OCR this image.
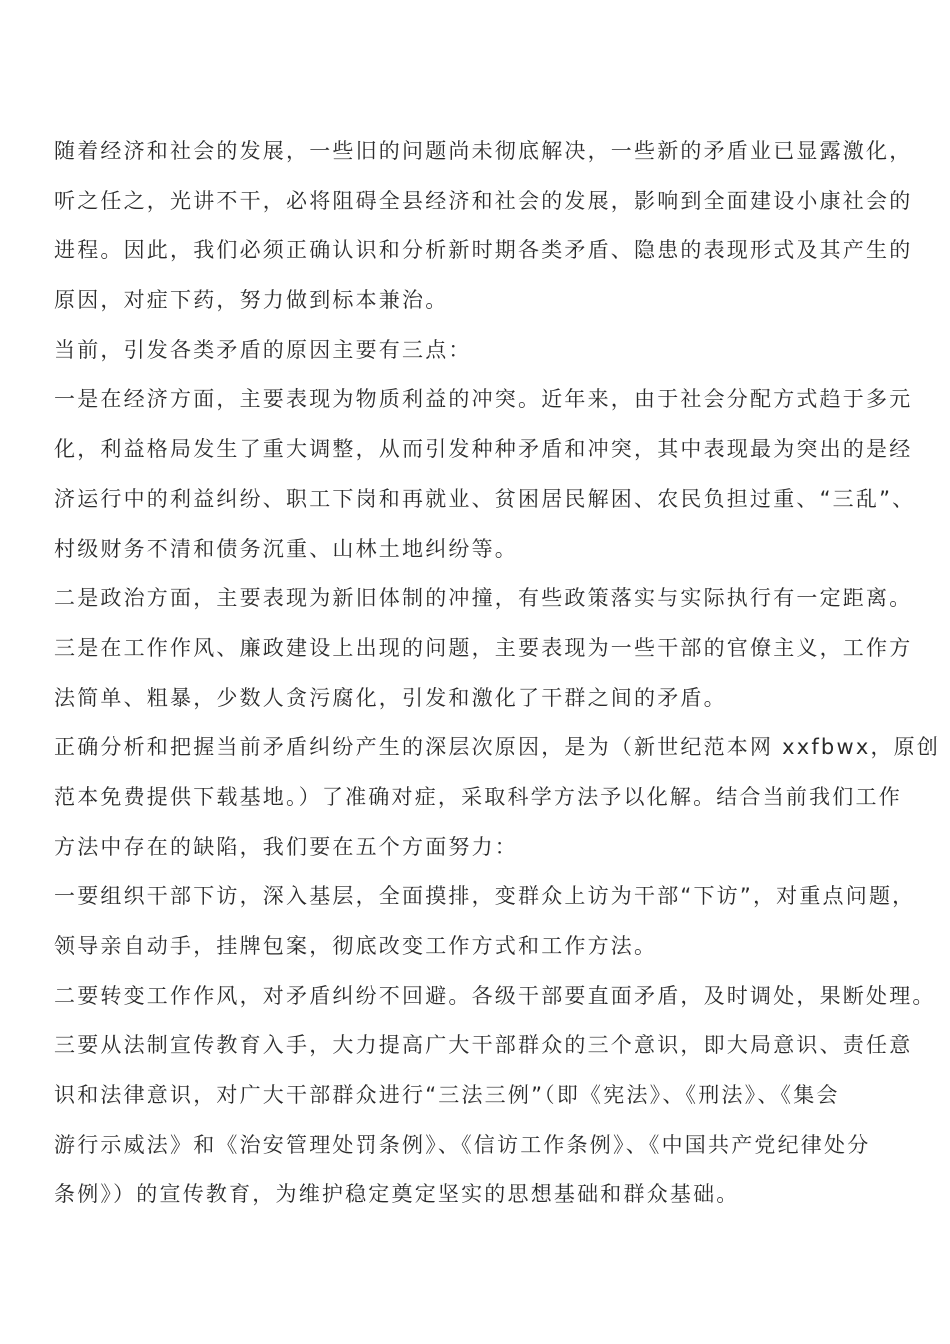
随着经济和社会的发展，一些旧的问题尚未彻底解决，一些新的矛盾业已显露激化，
听之任之，光讲不干，必将阻碍全县经济和社会的发展，影响到全面建设小康社会的
进程。因此，我们必须正确认识和分析新时期各类矛盾、隐患的表现形式及其产生的
原因，对症下药，努力做到标本兼治。
当前，引发各类矛盾的原因主要有三点：
一是在经济方面，主要表现为物质利益的冲突。近年来，由于社会分配方式趋于多元
化，利益格局发生了重大调整，从而引发种种矛盾和冲突，其中表现最为突出的是经
济运行中的利益纠纷、职工下岗和再就业、贫困居民解困、农民负担过重、“三乱”、
村级财务不清和债务沉重、山林土地纠纷等。
二是政治方面，主要表现为新旧体制的冲撞，有些政策落实与实际执行有一定距离。
三是在工作作风、廉政建设上出现的问题，主要表现为一些干部的官僚主义，工作方
法简单、粗暴，少数人贪污腐化，引发和激化了干群之间的矛盾。
正确分析和把握当前矛盾纠纷产生的深层次原因，是为（新世纪范本网 xxfbwx，原创
范本免费提供下载基地。）了准确对症，采取科学方法予以化解。结合当前我们工作
方法中存在的缺陷，我们要在五个方面努力：
一要组织干部下访，深入基层，全面摸排，变群众上访为干部“下访”，对重点问题，
领导亲自动手，挂牌包案，彻底改变工作方式和工作方法。
二要转变工作作风，对矛盾纠纷不回避。各级干部要直面矛盾，及时调处，果断处理。
三要从法制宣传教育入手，大力提高广大干部群众的三个意识，即大局意识、责任意
识和法律意识，对广大干部群众进行“三法三例”（即《宪法》、《刑法》、《集会
游行示威法》和《治安管理处罚条例》、《信访工作条例》、《中国共产党纪律处分
条例》）的宣传教育，为维护稳定奠定坚实的思想基础和群众基础。
